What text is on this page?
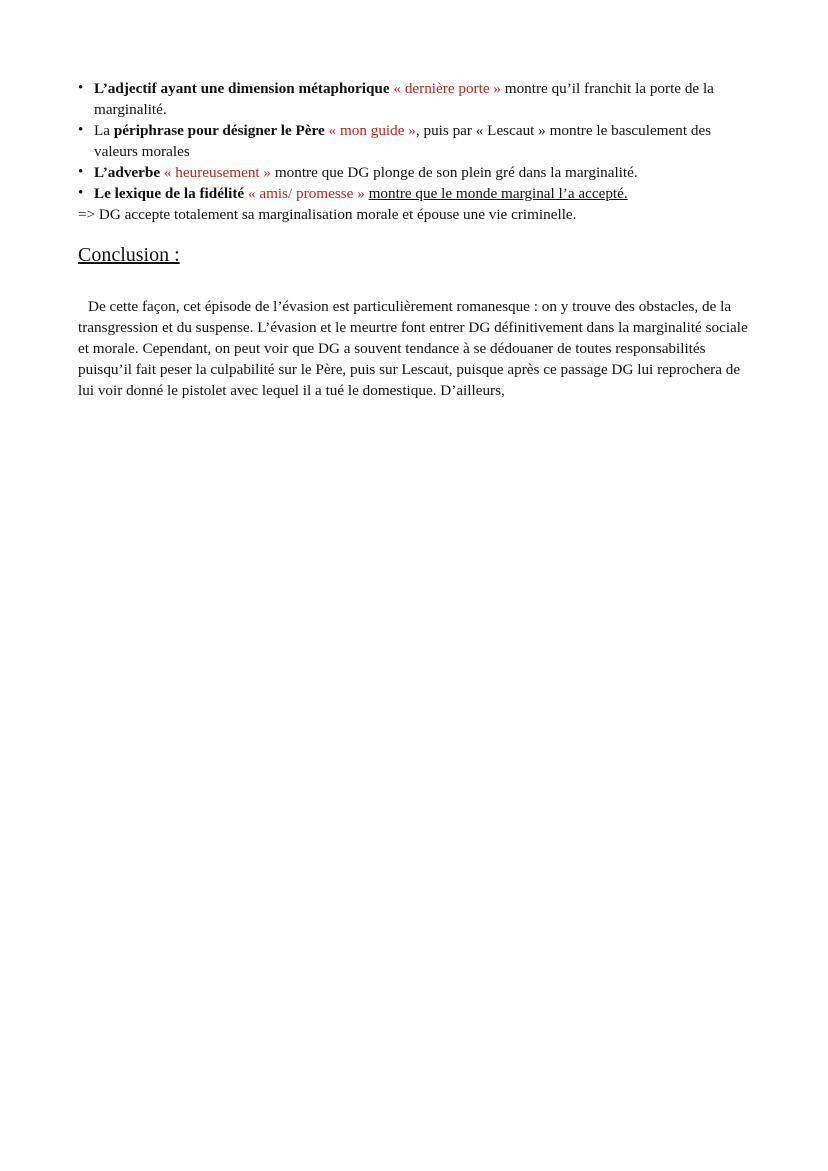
• L’adjectif ayant une dimension métaphorique « dernière porte » montre qu’il franchit la porte de la marginalité.
• La périphrase pour désigner le Père « mon guide », puis par « Lescaut » montre le basculement des valeurs morales
• L’adverbe « heureusement » montre que DG plonge de son plein gré dans la marginalité.
• Le lexique de la fidélité « amis/ promesse » montre que le monde marginal l’a accepté.
=> DG accepte totalement sa marginalisation morale et épouse une vie criminelle.
Conclusion :

De cette façon, cet épisode de l’évasion est particulièrement romanesque : on y trouve des obstacles, de la transgression et du suspense. L’évasion et le meurtre font entrer DG définitivement dans la marginalité sociale et morale. Cependant, on peut voir que DG a souvent tendance à se dédouaner de toutes responsabilités puisqu’il fait peser la culpabilité sur le Père, puis sur Lescaut, puisque après ce passage DG lui reprochera de lui voir donné le pistolet avec lequel il a tué le domestique. D’ailleurs,
